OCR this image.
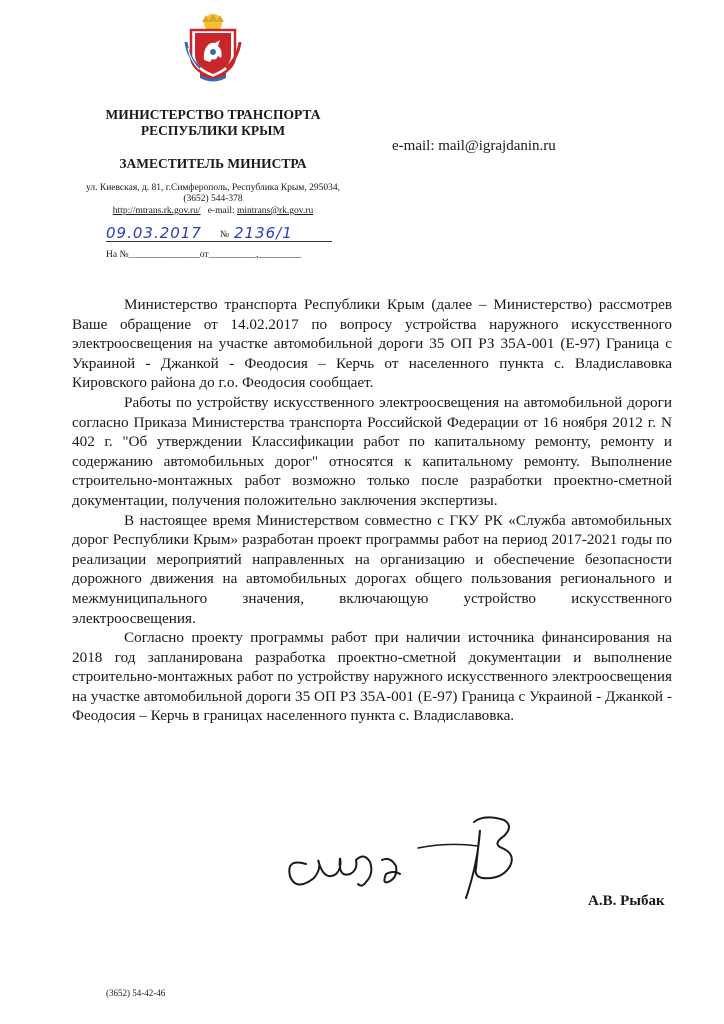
МИНИСТЕРСТВО ТРАНСПОРТА
РЕСПУБЛИКИ КРЫМ
ЗАМЕСТИТЕЛЬ МИНИСТРА
ул. Киевская, д. 81, г.Симферополь, Республика Крым, 295034,
(3652) 544-378
http://mtrans.rk.gov.ru/ e-mail: mintrans@rk.gov.ru
e-mail: mail@igrajdanin.ru
09.03.2017 № 2136/1
На №_______________от__________,_________

Министерство транспорта Республики Крым (далее – Министерство) рассмотрев Ваше обращение от 14.02.2017 по вопросу устройства наружного искусственного электроосвещения на участке автомобильной дороги 35 ОП РЗ 35А-001 (Е-97) Граница с Украиной - Джанкой - Феодосия – Керчь от населенного пункта с. Владиславовка Кировского района до г.о. Феодосия сообщает.

Работы по устройству искусственного электроосвещения на автомобильной дороги согласно Приказа Министерства транспорта Российской Федерации от 16 ноября 2012 г. N 402 г. "Об утверждении Классификации работ по капитальному ремонту, ремонту и содержанию автомобильных дорог" относятся к капитальному ремонту. Выполнение строительно-монтажных работ возможно только после разработки проектно-сметной документации, получения положительно заключения экспертизы.

В настоящее время Министерством совместно с ГКУ РК «Служба автомобильных дорог Республики Крым» разработан проект программы работ на период 2017-2021 годы по реализации мероприятий направленных на организацию и обеспечение безопасности дорожного движения на автомобильных дорогах общего пользования регионального и межмуниципального значения, включающую устройство искусственного электроосвещения.

Согласно проекту программы работ при наличии источника финансирования на 2018 год запланирована разработка проектно-сметной документации и выполнение строительно-монтажных работ по устройству наружного искусственного электроосвещения на участке автомобильной дороги 35 ОП РЗ 35А-001 (Е-97) Граница с Украиной - Джанкой - Феодосия – Керчь в границах населенного пункта с. Владиславовка.

А.В. Рыбак
(3652) 54-42-46
